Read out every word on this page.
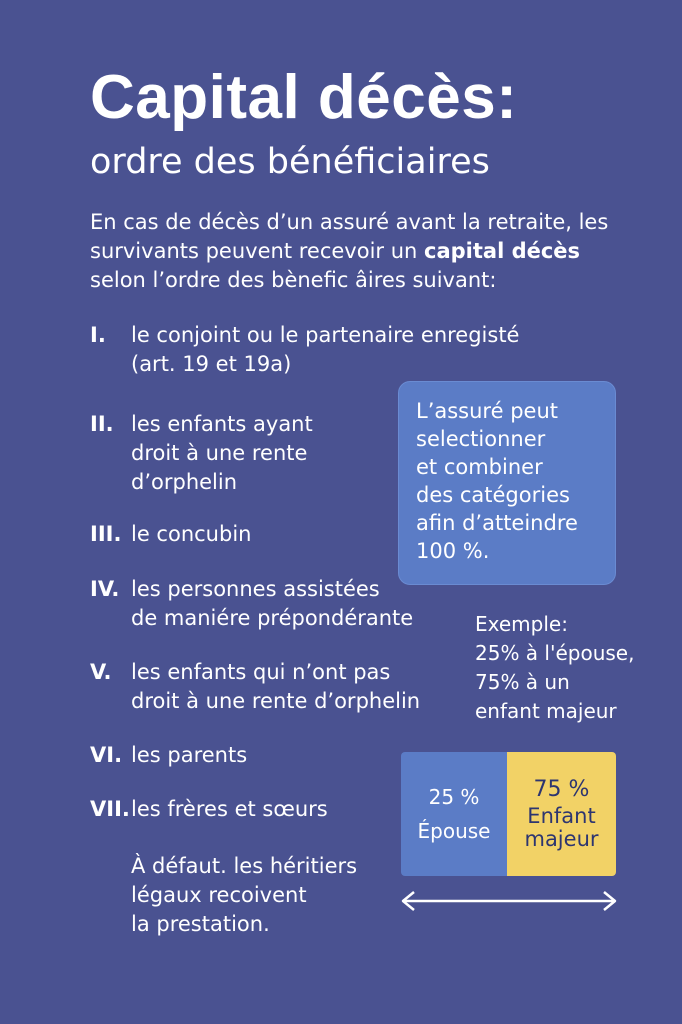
Capital décès:
ordre des bénéficiaires
En cas de décès d’un assuré avant la retraite, les survivants peuvent recevoir un capital décès selon l’ordre des bènefic âires suivant:
I. le conjoint ou le partenaire enregisté
(art. 19 et 19a)
II. les enfants ayant
droit à une rente
d’orphelin
III. le concubin
IV. les personnes assistées
de maniére prépondérante
V. les enfants qui n’ont pas
droit à une rente d’orphelin
VI. les parents
VII. les frères et sœurs
À défaut. les héritiers
légaux recoivent
la prestation.
L’assuré peut
selectionner
et combiner
des catégories
afin d’atteindre
100 %.
Exemple:
25% à l'épouse,
75% à un
enfant majeur
25 %
Épouse
75 %
Enfant
majeur
